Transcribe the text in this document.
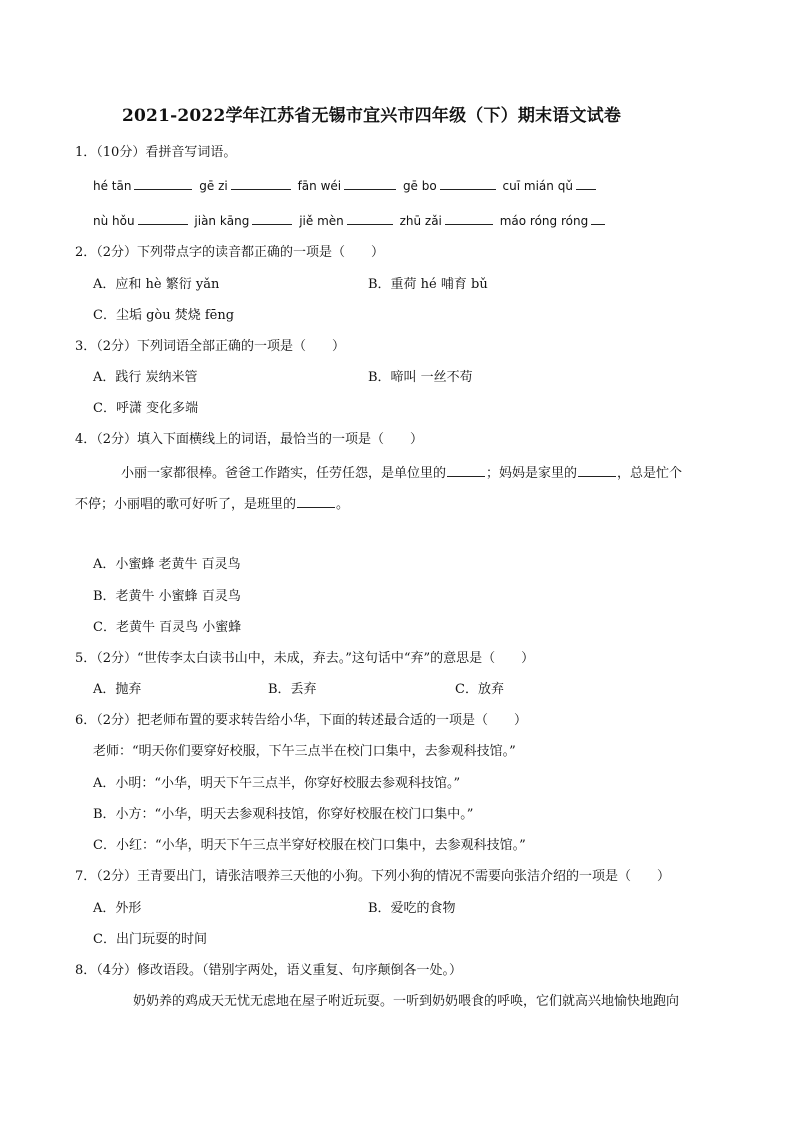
2021-2022学年江苏省无锡市宜兴市四年级（下）期末语文试卷
1．（10分）看拼音写词语。
hé tān	gē zi	fān wéi	gē bo	cuī mián qǔ
nù hǒu	jiàn kāng	jiě mèn	zhū zǎi	máo róng róng
2．（2分）下列带点字的读音都正确的一项是（　　）
A．应和 hè 繁衍 yǎn	B．重荷 hé 哺育 bǔ
C．尘垢 gòu 焚烧 fēng
3．（2分）下列词语全部正确的一项是（　　）
A．践行 炭纳米管	B．啼叫 一丝不苟
C．呼潇 变化多端
4．（2分）填入下面横线上的词语，最恰当的一项是（　　）
小丽一家都很棒。爸爸工作踏实，任劳任怨，是单位里的	；妈妈是家里的	，总是忙个
不停；小丽唱的歌可好听了，是班里的	。
A．小蜜蜂 老黄牛 百灵鸟
B．老黄牛 小蜜蜂 百灵鸟
C．老黄牛 百灵鸟 小蜜蜂
5．（2分）“世传李太白读书山中，未成，弃去。”这句话中“弃”的意思是（　　）
A．抛弃	B．丢弃	C．放弃
6．（2分）把老师布置的要求转告给小华，下面的转述最合适的一项是（　　）
老师：“明天你们要穿好校服，下午三点半在校门口集中，去参观科技馆。”
A．小明：“小华，明天下午三点半，你穿好校服去参观科技馆。”
B．小方：“小华，明天去参观科技馆，你穿好校服在校门口集中。”
C．小红：“小华，明天下午三点半穿好校服在校门口集中，去参观科技馆。”
7．（2分）王青要出门，请张洁喂养三天他的小狗。下列小狗的情况不需要向张洁介绍的一项是（　　）
A．外形	B．爱吃的食物
C．出门玩耍的时间
8．（4分）修改语段。（错别字两处，语义重复、句序颠倒各一处。）
奶奶养的鸡成天无忧无虑地在屋子咐近玩耍。一听到奶奶喂食的呼唤，它们就高兴地愉快地跑向
